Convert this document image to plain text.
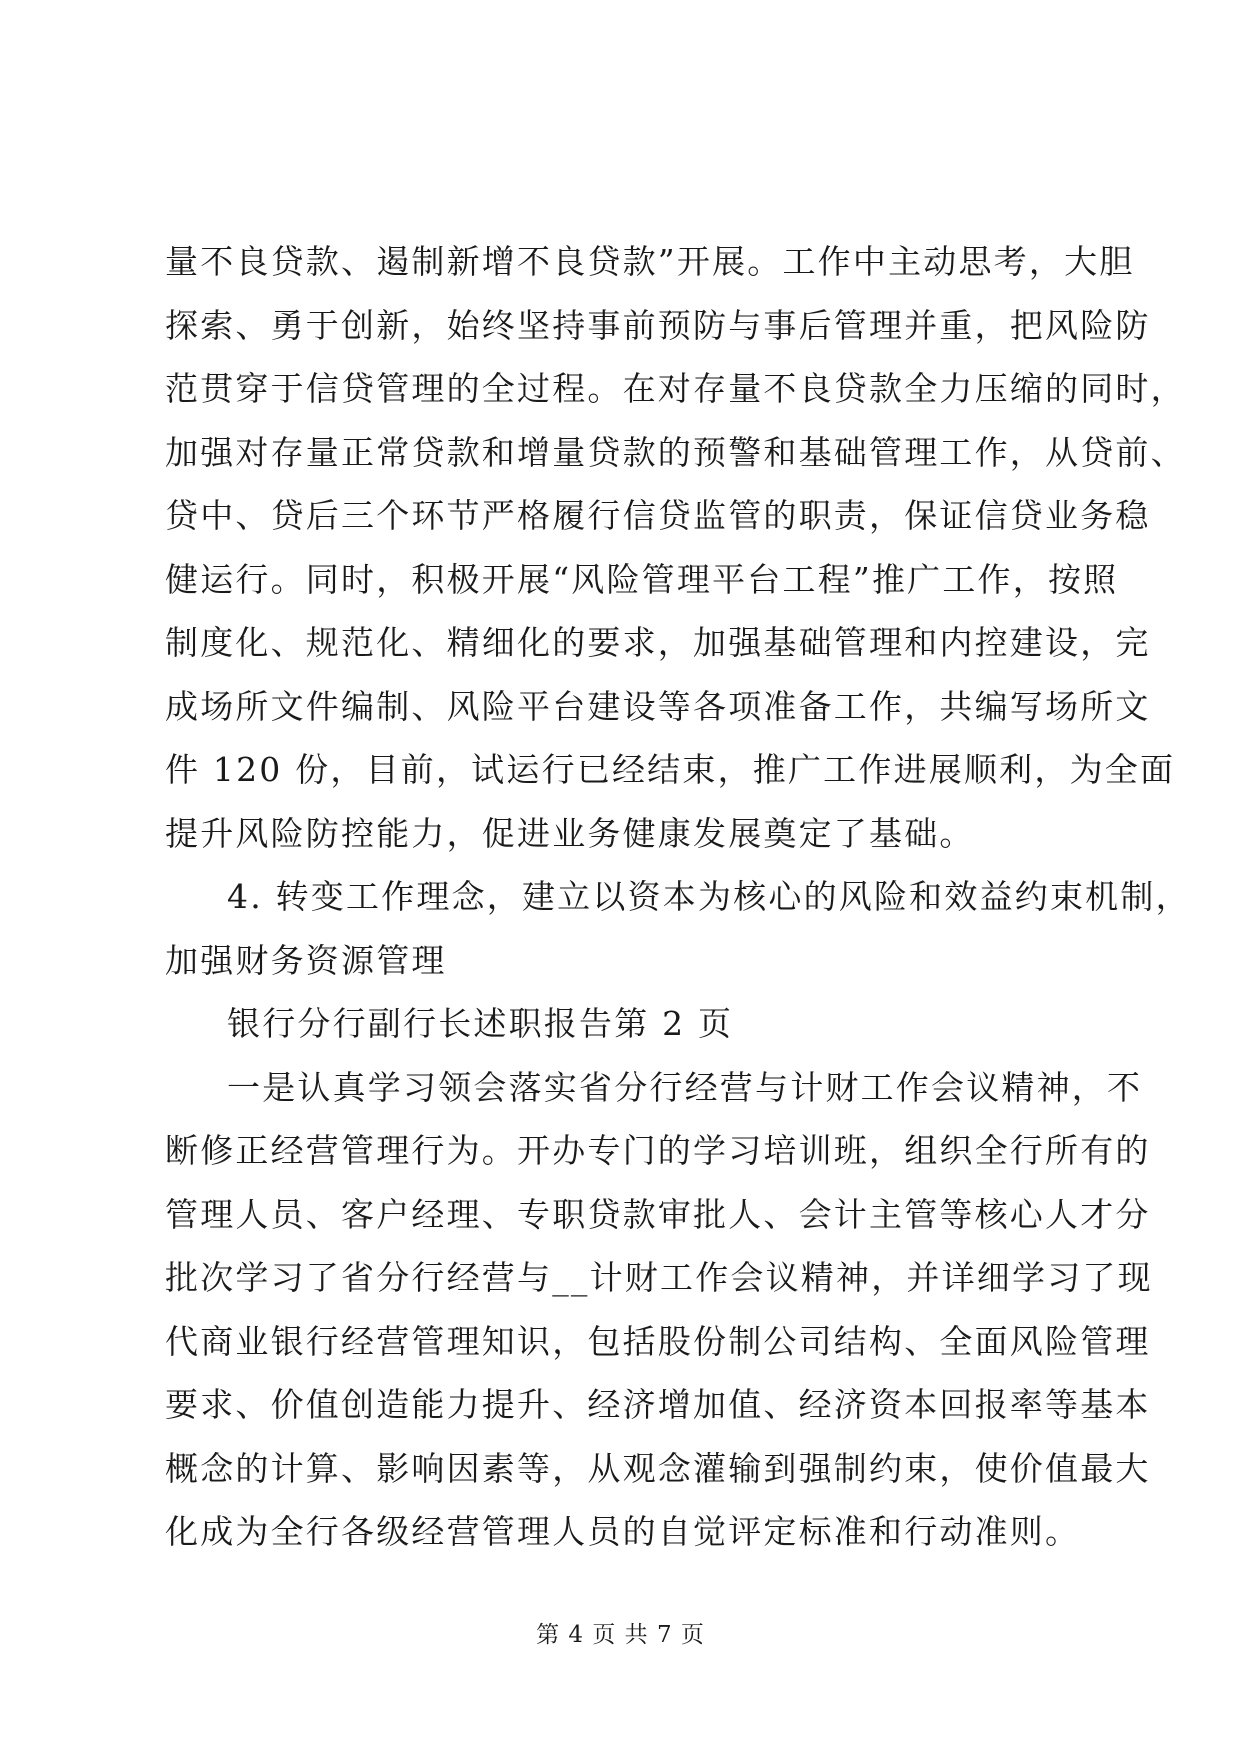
量不良贷款、遏制新增不良贷款”开展。工作中主动思考，大胆
探索、勇于创新，始终坚持事前预防与事后管理并重，把风险防
范贯穿于信贷管理的全过程。在对存量不良贷款全力压缩的同时，
加强对存量正常贷款和增量贷款的预警和基础管理工作，从贷前、
贷中、贷后三个环节严格履行信贷监管的职责，保证信贷业务稳
健运行。同时，积极开展“风险管理平台工程”推广工作，按照
制度化、规范化、精细化的要求，加强基础管理和内控建设，完
成场所文件编制、风险平台建设等各项准备工作，共编写场所文
件 120 份，目前，试运行已经结束，推广工作进展顺利，为全面
提升风险防控能力，促进业务健康发展奠定了基础。
4. 转变工作理念，建立以资本为核心的风险和效益约束机制，
加强财务资源管理
银行分行副行长述职报告第 2 页
一是认真学习领会落实省分行经营与计财工作会议精神，不
断修正经营管理行为。开办专门的学习培训班，组织全行所有的
管理人员、客户经理、专职贷款审批人、会计主管等核心人才分
批次学习了省分行经营与__计财工作会议精神，并详细学习了现
代商业银行经营管理知识，包括股份制公司结构、全面风险管理
要求、价值创造能力提升、经济增加值、经济资本回报率等基本
概念的计算、影响因素等，从观念灌输到强制约束，使价值最大
化成为全行各级经营管理人员的自觉评定标准和行动准则。
第 4 页 共 7 页
